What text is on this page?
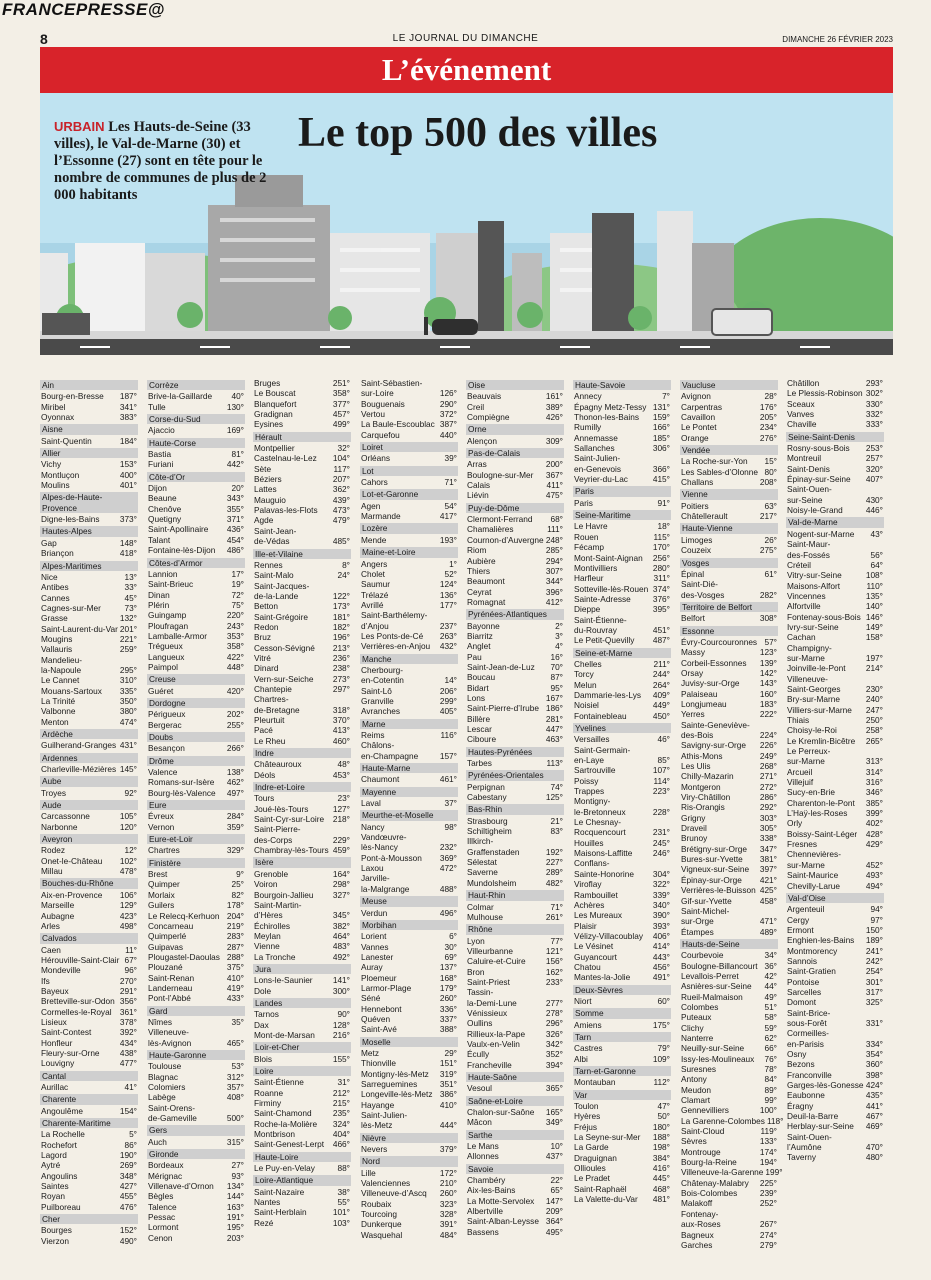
FRANCEPRESSE@
8	LE JOURNAL DU DIMANCHE	DIMANCHE 26 FÉVRIER 2023
L’événement
URBAIN Les Hauts-de-Seine (33 villes), le Val-de-Marne (30) et l’Essonne (27) sont en tête pour le nombre de communes de plus de 2 000 habitants
Le top 500 des villes
Ain
Bourg-en-Bresse 187°
Miribel	341°
Oyonnax	383°
Aisne
Saint-Quentin	184°
Allier
Vichy	153°
Montluçon	400°
Moulins	401°
Alpes-de-Haute-Provence
Digne-les-Bains 373°
Hautes-Alpes
Gap	148°
Briançon	418°
Alpes-Maritimes
Nice	13°
Antibes	33°
Cannes	45°
Cagnes-sur-Mer	73°
Grasse	132°
Saint-Laurent-du-Var 201°
Mougins	221°
Vallauris	259°
Mandelieu-
la-Napoule	295°
Le Cannet	310°
Mouans-Sartoux 335°
La Trinité	350°
Valbonne	380°
Menton	474°
Ardèche
Guilherand-Granges 431°
Ardennes
Charleville-Mézières 145°
Aube
Troyes	92°
Aude
Carcassonne	105°
Narbonne	120°
Aveyron
Rodez	12°
Onet-le-Château 102°
Millau	478°
Bouches-du-Rhône
Aix-en-Provence 106°
Marseille	129°
Aubagne	423°
Arles	498°
Calvados
Caen	11°
Hérouville-Saint-Clair 67°
Mondeville	96°
Ifs	270°
Bayeux	291°
Bretteville-sur-Odon 356°
Cormelles-le-Royal 361°
Lisieux	378°
Saint-Contest	392°
Honfleur	434°
Fleury-sur-Orne 438°
Louvigny	477°
Cantal
Aurillac	41°
Charente
Angoulême	154°
Charente-Maritime
La Rochelle	5°
Rochefort	86°
Lagord	190°
Aytré	269°
Angoulins	348°
Saintes	427°
Royan	455°
Puilboreau	476°
Cher
Bourges	152°
Vierzon	490°
Corrèze
Brive-la-Gaillarde 40°
Tulle	130°
Corse-du-Sud
Ajaccio	169°
Haute-Corse
Bastia	81°
Furiani	442°
Côte-d’Or
Dijon	20°
Beaune	343°
Chenôve	355°
Quetigny	371°
Saint-Apollinaire 436°
Talant	454°
Fontaine-lès-Dijon 486°
Côtes-d’Armor
Lannion	17°
Saint-Brieuc	19°
Dinan	72°
Plérin	75°
Guingamp	220°
Ploufragan	243°
Lamballe-Armor 353°
Trégueux	358°
Langueux	422°
Paimpol	448°
Creuse
Guéret	420°
Dordogne
Périgueux	202°
Bergerac	255°
Doubs
Besançon	266°
Drôme
Valence	138°
Romans-sur-Isère 462°
Bourg-lès-Valence 497°
Eure
Évreux	284°
Vernon	359°
Eure-et-Loir
Chartres	329°
Finistère
Brest	9°
Quimper	25°
Morlaix	82°
Guilers	178°
Le Relecq-Kerhuon 204°
Concarneau	219°
Quimperlé	283°
Guipavas	287°
Plougastel-Daoulas 288°
Plouzané	375°
Saint-Renan	410°
Landerneau	419°
Pont-l’Abbé	433°
Gard
Nîmes	35°
Villeneuve-
lès-Avignon	465°
Haute-Garonne
Toulouse	53°
Blagnac	312°
Colomiers	357°
Labège	408°
Saint-Orens-
de-Gameville	500°
Gers
Auch	315°
Gironde
Bordeaux	27°
Mérignac	93°
Villenave-d’Ornon 134°
Bègles	144°
Talence	163°
Pessac	191°
Lormont	195°
Cenon	203°
Bruges	251°
Le Bouscat	358°
Blanquefort	377°
Gradignan	457°
Eysines	499°
Hérault
Montpellier	32°
Castelnau-le-Lez 104°
Sète	117°
Béziers	207°
Lattes	362°
Mauguio	439°
Palavas-les-Flots 473°
Agde	479°
Saint-Jean-
de-Védas	485°
Ille-et-Vilaine
Rennes	8°
Saint-Malo	24°
Saint-Jacques-
de-la-Lande	122°
Betton	173°
Saint-Grégoire	181°
Redon	182°
Bruz	196°
Cesson-Sévigné 213°
Vitré	236°
Dinard	238°
Vern-sur-Seiche 273°
Chantepie	297°
Chartres-
de-Bretagne	318°
Pleurtuit	370°
Pacé	413°
Le Rheu	460°
Indre
Châteauroux	48°
Déols	453°
Indre-et-Loire
Tours	23°
Joué-lès-Tours	127°
Saint-Cyr-sur-Loire 218°
Saint-Pierre-
des-Corps	229°
Chambray-lès-Tours 459°
Isère
Grenoble	164°
Voiron	298°
Bourgoin-Jallieu 327°
Saint-Martin-
d’Hères	345°
Échirolles	382°
Meylan	464°
Vienne	483°
La Tronche	492°
Jura
Lons-le-Saunier 141°
Dole	300°
Landes
Tarnos	90°
Dax	128°
Mont-de-Marsan 216°
Loir-et-Cher
Blois	155°
Loire
Saint-Étienne	31°
Roanne	212°
Firminy	215°
Saint-Chamond	235°
Roche-la-Molière 324°
Montbrison	404°
Saint-Genest-Lerpt 466°
Haute-Loire
Le Puy-en-Velay	88°
Loire-Atlantique
Saint-Nazaire	38°
Nantes	55°
Saint-Herblain	101°
Rezé	103°
Saint-Sébastien-
sur-Loire	126°
Bouguenais	290°
Vertou	372°
La Baule-Escoublac 387°
Carquefou	440°
Loiret
Orléans	39°
Lot
Cahors	71°
Lot-et-Garonne
Agen	54°
Marmande	417°
Lozère
Mende	193°
Maine-et-Loire
Angers	1°
Cholet	52°
Saumur	124°
Trélazé	136°
Avrillé	177°
Saint-Barthélemy-
d’Anjou	237°
Les Ponts-de-Cé 263°
Verrières-en-Anjou 432°
Manche
Cherbourg-
en-Cotentin	14°
Saint-Lô	206°
Granville	299°
Avranches	405°
Marne
Reims	116°
Châlons-
en-Champagne	157°
Haute-Marne
Chaumont	461°
Mayenne
Laval	37°
Meurthe-et-Moselle
Nancy	98°
Vandœuvre-
lès-Nancy	232°
Pont-à-Mousson 369°
Laxou	472°
Jarville-
la-Malgrange	488°
Meuse
Verdun	496°
Morbihan
Lorient	6°
Vannes	30°
Lanester	69°
Auray	137°
Ploemeur	168°
Larmor-Plage	179°
Séné	260°
Hennebont	336°
Quéven	337°
Saint-Avé	388°
Moselle
Metz	29°
Thionville	151°
Montigny-lès-Metz 319°
Sarreguemines	351°
Longeville-lès-Metz 386°
Hayange	410°
Saint-Julien-
lès-Metz	444°
Nièvre
Nevers	379°
Nord
Lille	172°
Valenciennes	210°
Villeneuve-d’Ascq 260°
Roubaix	323°
Tourcoing	328°
Dunkerque	391°
Wasquehal	484°
Oise
Beauvais	161°
Creil	389°
Compiègne	426°
Orne
Alençon	309°
Pas-de-Calais
Arras	200°
Boulogne-sur-Mer 367°
Calais	411°
Liévin	475°
Puy-de-Dôme
Clermont-Ferrand 68°
Chamalières	111°
Cournon-d’Auvergne 248°
Riom	285°
Aubière	294°
Thiers	307°
Beaumont	344°
Ceyrat	396°
Romagnat	412°
Pyrénées-Atlantiques
Bayonne	2°
Biarritz	3°
Anglet	4°
Pau	16°
Saint-Jean-de-Luz 70°
Boucau	87°
Bidart	95°
Lons	167°
Saint-Pierre-d’Irube 186°
Billère	281°
Lescar	447°
Ciboure	463°
Hautes-Pyrénées
Tarbes	113°
Pyrénées-Orientales
Perpignan	74°
Cabestany	125°
Bas-Rhin
Strasbourg	21°
Schiltigheim	83°
Illkirch-
Graffenstaden	192°
Sélestat	227°
Saverne	289°
Mundolsheim	482°
Haut-Rhin
Colmar	71°
Mulhouse	261°
Rhône
Lyon	77°
Villeurbanne	121°
Caluire-et-Cuire 156°
Bron	162°
Saint-Priest	233°
Tassin-
la-Demi-Lune	277°
Vénissieux	278°
Oullins	296°
Rillieux-la-Pape 326°
Vaulx-en-Velin	342°
Écully	352°
Francheville	394°
Haute-Saône
Vesoul	365°
Saône-et-Loire
Chalon-sur-Saône 165°
Mâcon	349°
Sarthe
Le Mans	10°
Allonnes	437°
Savoie
Chambéry	22°
Aix-les-Bains	65°
La Motte-Servolex 147°
Albertville	209°
Saint-Alban-Leysse 364°
Bassens	495°
Haute-Savoie
Annecy	7°
Épagny Metz-Tessy 131°
Thonon-les-Bains 159°
Rumilly	166°
Annemasse	185°
Sallanches	306°
Saint-Julien-
en-Genevois	366°
Veyrier-du-Lac	415°
Paris
Paris	91°
Seine-Maritime
Le Havre	18°
Rouen	115°
Fécamp	170°
Mont-Saint-Aignan 256°
Montivilliers	280°
Harfleur	311°
Sotteville-lès-Rouen 374°
Sainte-Adresse	376°
Dieppe	395°
Saint-Étienne-
du-Rouvray	451°
Le Petit-Quevilly 487°
Seine-et-Marne
Chelles	211°
Torcy	244°
Melun	264°
Dammarie-les-Lys 409°
Noisiel	449°
Fontainebleau	450°
Yvelines
Versailles	46°
Saint-Germain-
en-Laye	85°
Sartrouville	107°
Poissy	114°
Trappes	223°
Montigny-
le-Bretonneux	228°
Le Chesnay-
Rocquencourt	231°
Houilles	245°
Maisons-Laffitte 246°
Conflans-
Sainte-Honorine 304°
Viroflay	322°
Rambouillet	339°
Achères	340°
Les Mureaux	390°
Plaisir	393°
Vélizy-Villacoublay 406°
Le Vésinet	414°
Guyancourt	443°
Chatou	456°
Mantes-la-Jolie	491°
Deux-Sèvres
Niort	60°
Somme
Amiens	175°
Tarn
Castres	79°
Albi	109°
Tarn-et-Garonne
Montauban	112°
Var
Toulon	47°
Hyères	50°
Fréjus	180°
La Seyne-sur-Mer 188°
La Garde	198°
Draguignan	384°
Ollioules	416°
Le Pradet	445°
Saint-Raphaël	468°
La Valette-du-Var 481°
Vaucluse
Avignon	28°
Carpentras	176°
Cavaillon	205°
Le Pontet	234°
Orange	276°
Vendée
La Roche-sur-Yon 15°
Les Sables-d’Olonne 80°
Challans	208°
Vienne
Poitiers	63°
Châtellerault	217°
Haute-Vienne
Limoges	26°
Couzeix	275°
Vosges
Épinal	61°
Saint-Dié-
des-Vosges	282°
Territoire de Belfort
Belfort	308°
Essonne
Évry-Courcouronnes 57°
Massy	123°
Corbeil-Essonnes 139°
Orsay	142°
Juvisy-sur-Orge 143°
Palaiseau	160°
Longjumeau	183°
Yerres	222°
Sainte-Geneviève-
des-Bois	224°
Savigny-sur-Orge 226°
Athis-Mons	249°
Les Ulis	268°
Chilly-Mazarin	271°
Montgeron	272°
Viry-Châtillon	286°
Ris-Orangis	292°
Grigny	303°
Draveil	305°
Brunoy	338°
Brétigny-sur-Orge 347°
Bures-sur-Yvette 381°
Vigneux-sur-Seine 397°
Épinay-sur-Orge 421°
Verrières-le-Buisson 425°
Gif-sur-Yvette	458°
Saint-Michel-
sur-Orge	471°
Étampes	489°
Hauts-de-Seine
Courbevoie	34°
Boulogne-Billancourt 36°
Levallois-Perret	42°
Asnières-sur-Seine 44°
Rueil-Malmaison	49°
Colombes	51°
Puteaux	58°
Clichy	59°
Nanterre	62°
Neuilly-sur-Seine 66°
Issy-les-Moulineaux 76°
Suresnes	78°
Antony	84°
Meudon	89°
Clamart	99°
Gennevilliers	100°
La Garenne-Colombes 118°
Saint-Cloud	119°
Sèvres	133°
Montrouge	174°
Bourg-la-Reine	194°
Villeneuve-la-Garenne 199°
Châtenay-Malabry 225°
Bois-Colombes	239°
Malakoff	252°
Fontenay-
aux-Roses	267°
Bagneux	274°
Garches	279°
Châtillon	293°
Le Plessis-Robinson 302°
Sceaux	330°
Vanves	332°
Chaville	333°
Seine-Saint-Denis
Rosny-sous-Bois 253°
Montreuil	257°
Saint-Denis	320°
Épinay-sur-Seine 407°
Saint-Ouen-
sur-Seine	430°
Noisy-le-Grand	446°
Val-de-Marne
Nogent-sur-Marne 43°
Saint-Maur-
des-Fossés	56°
Créteil	64°
Vitry-sur-Seine	108°
Maisons-Alfort	110°
Vincennes	135°
Alfortville	140°
Fontenay-sous-Bois 146°
Ivry-sur-Seine	149°
Cachan	158°
Champigny-
sur-Marne	197°
Joinville-le-Pont 214°
Villeneuve-
Saint-Georges	230°
Bry-sur-Marne	240°
Villiers-sur-Marne 247°
Thiais	250°
Choisy-le-Roi	258°
Le Kremlin-Bicêtre 265°
Le Perreux-
sur-Marne	313°
Arcueil	314°
Villejuif	316°
Sucy-en-Brie	346°
Charenton-le-Pont 385°
L’Haÿ-les-Roses 399°
Orly	402°
Boissy-Saint-Léger 428°
Fresnes	429°
Chennevières-
sur-Marne	452°
Saint-Maurice	493°
Chevilly-Larue	494°
Val-d’Oise
Argenteuil	94°
Cergy	97°
Ermont	150°
Enghien-les-Bains 189°
Montmorency	241°
Sannois	242°
Saint-Gratien	254°
Pontoise	301°
Sarcelles	317°
Domont	325°
Saint-Brice-
sous-Forêt	331°
Cormeilles-
en-Parisis	334°
Osny	354°
Bezons	360°
Franconville	398°
Garges-lès-Gonesse 424°
Eaubonne	435°
Éragny	441°
Deuil-la-Barre	467°
Herblay-sur-Seine 469°
Saint-Ouen-
l’Aumône	470°
Taverny	480°
